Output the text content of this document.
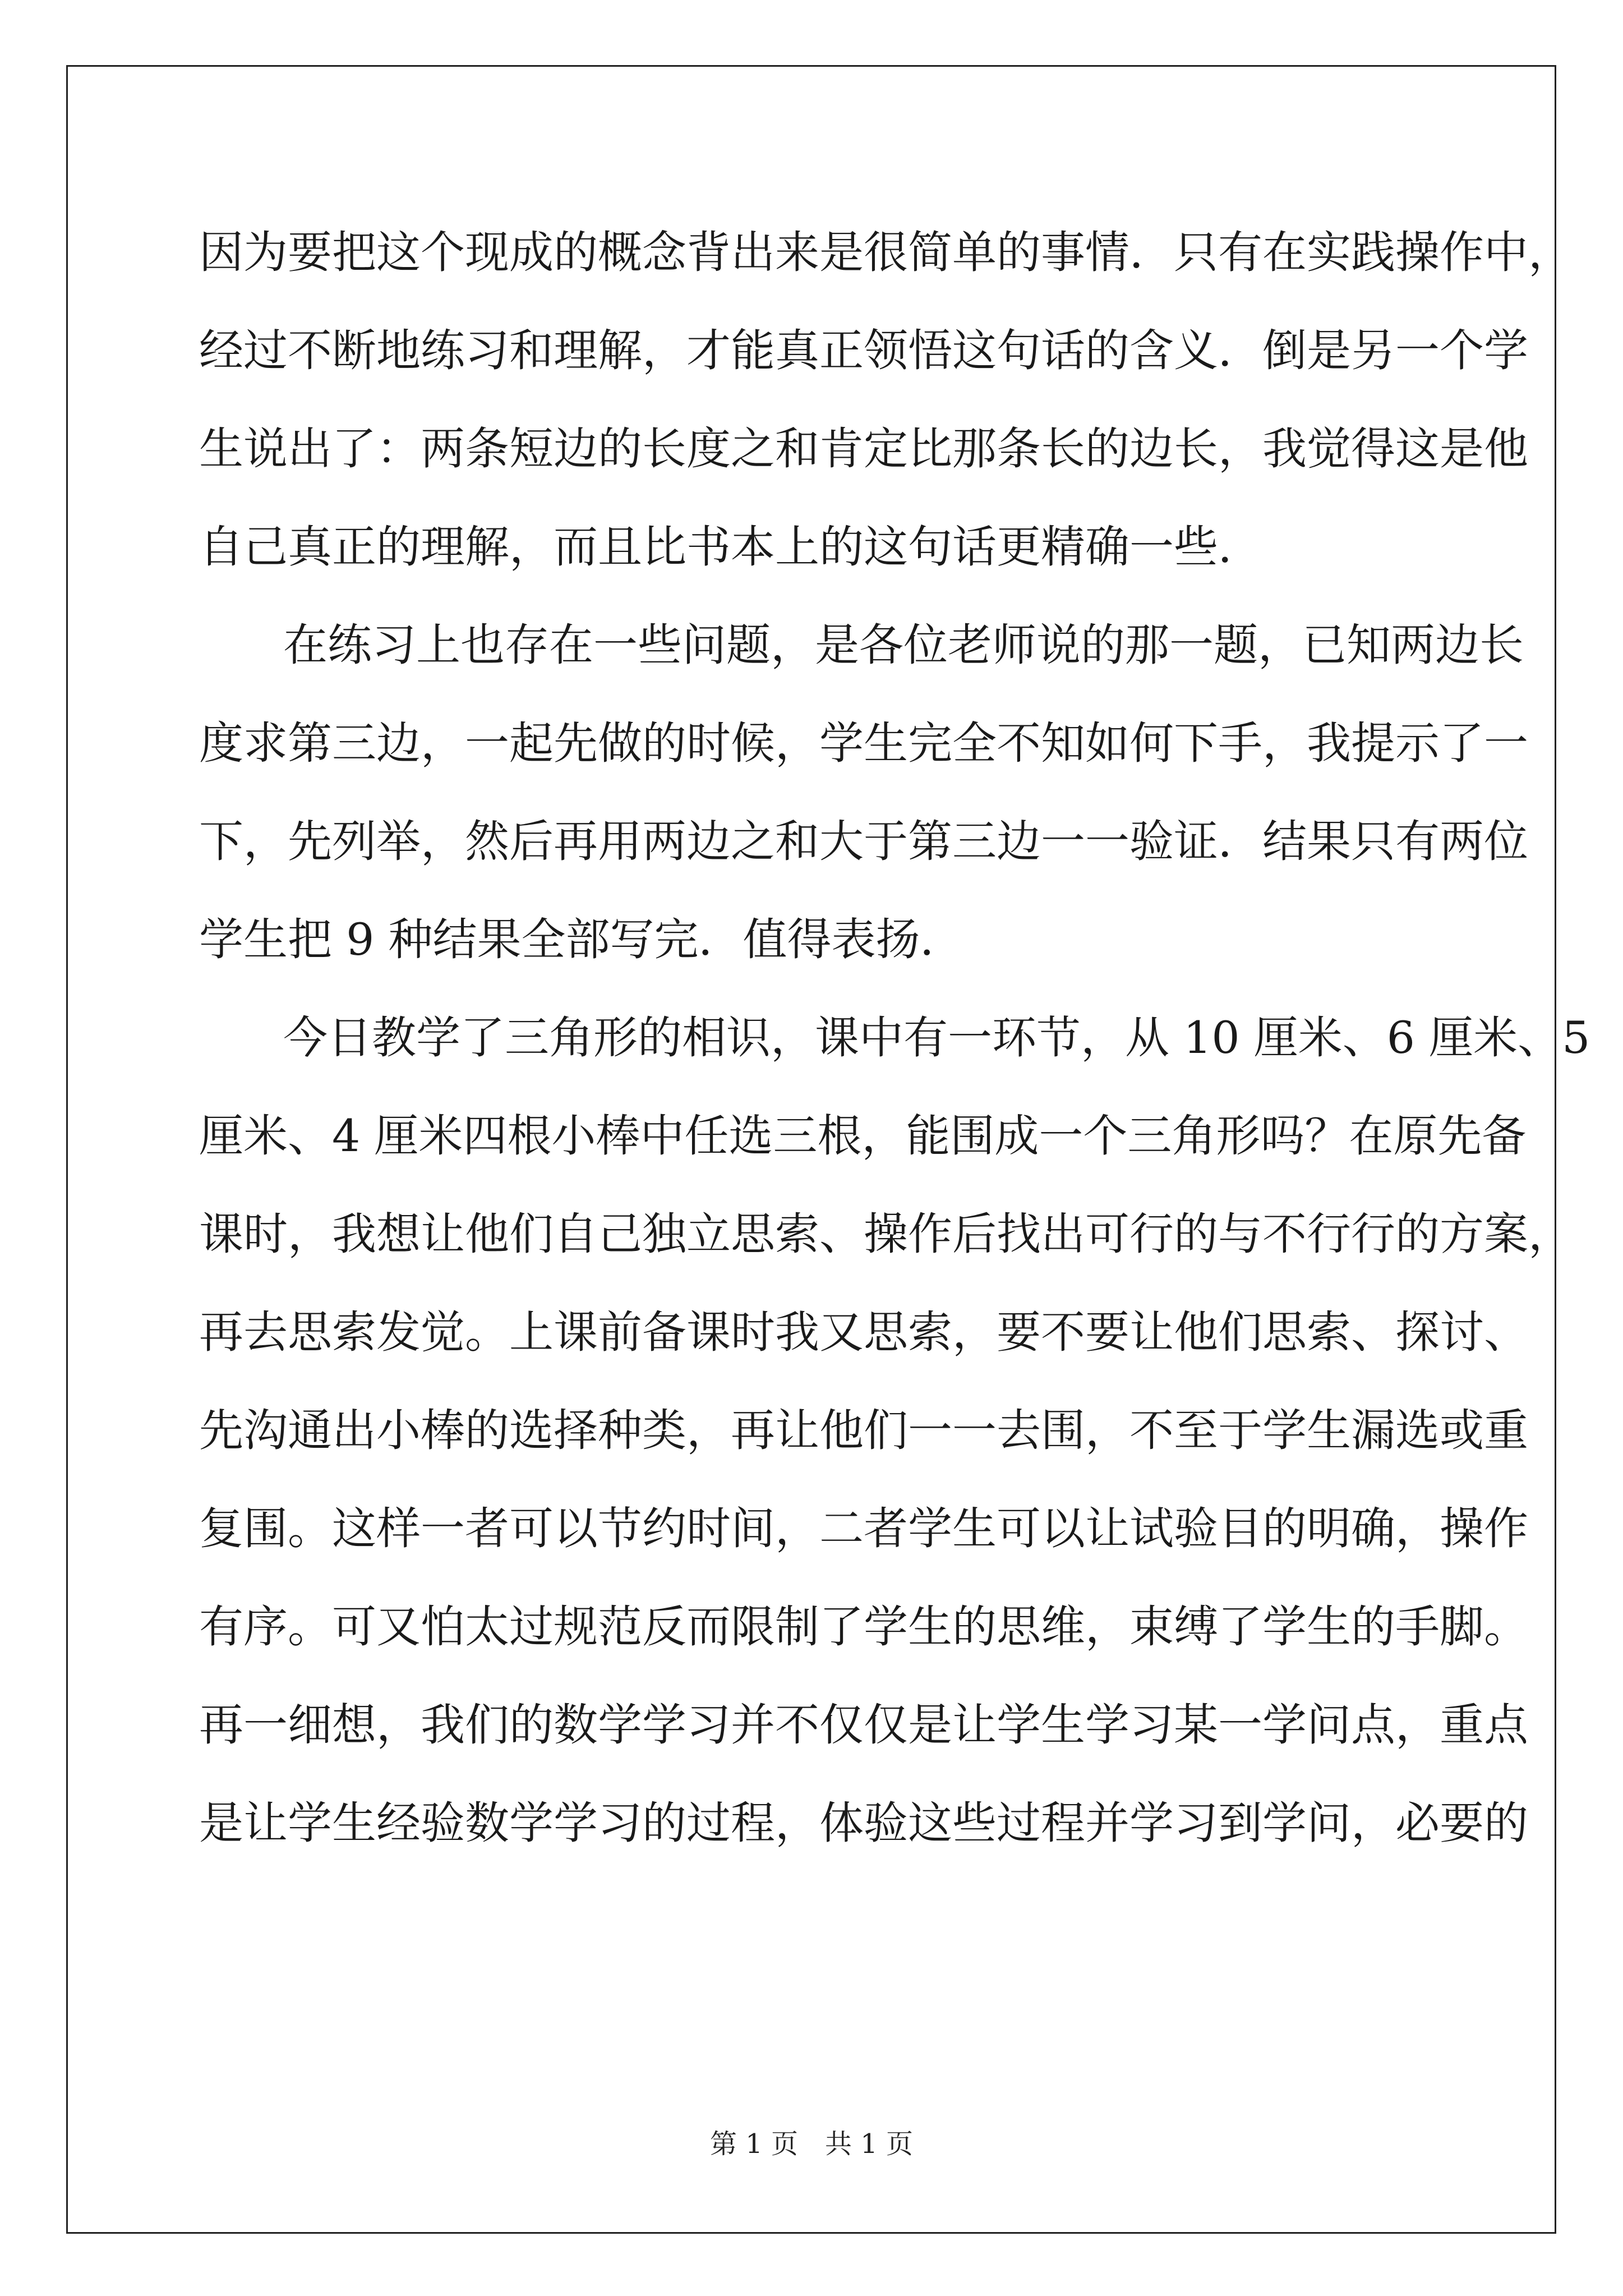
因为要把这个现成的概念背出来是很简单的事情．只有在实践操作中，
经过不断地练习和理解，才能真正领悟这句话的含义．倒是另一个学
生说出了：两条短边的长度之和肯定比那条长的边长，我觉得这是他
自己真正的理解，而且比书本上的这句话更精确一些．
在练习上也存在一些问题，是各位老师说的那一题，已知两边长
度求第三边，一起先做的时候，学生完全不知如何下手，我提示了一
下，先列举，然后再用两边之和大于第三边一一验证．结果只有两位
学生把 9 种结果全部写完．值得表扬．
今日教学了三角形的相识，课中有一环节，从 10 厘米、6 厘米、5
厘米、4 厘米四根小棒中任选三根，能围成一个三角形吗？在原先备
课时，我想让他们自己独立思索、操作后找出可行的与不行行的方案，
再去思索发觉。上课前备课时我又思索，要不要让他们思索、探讨、
先沟通出小棒的选择种类，再让他们一一去围，不至于学生漏选或重
复围。这样一者可以节约时间，二者学生可以让试验目的明确，操作
有序。可又怕太过规范反而限制了学生的思维，束缚了学生的手脚。
再一细想，我们的数学学习并不仅仅是让学生学习某一学问点，重点
是让学生经验数学学习的过程，体验这些过程并学习到学问，必要的
第 1 页　共 1 页
